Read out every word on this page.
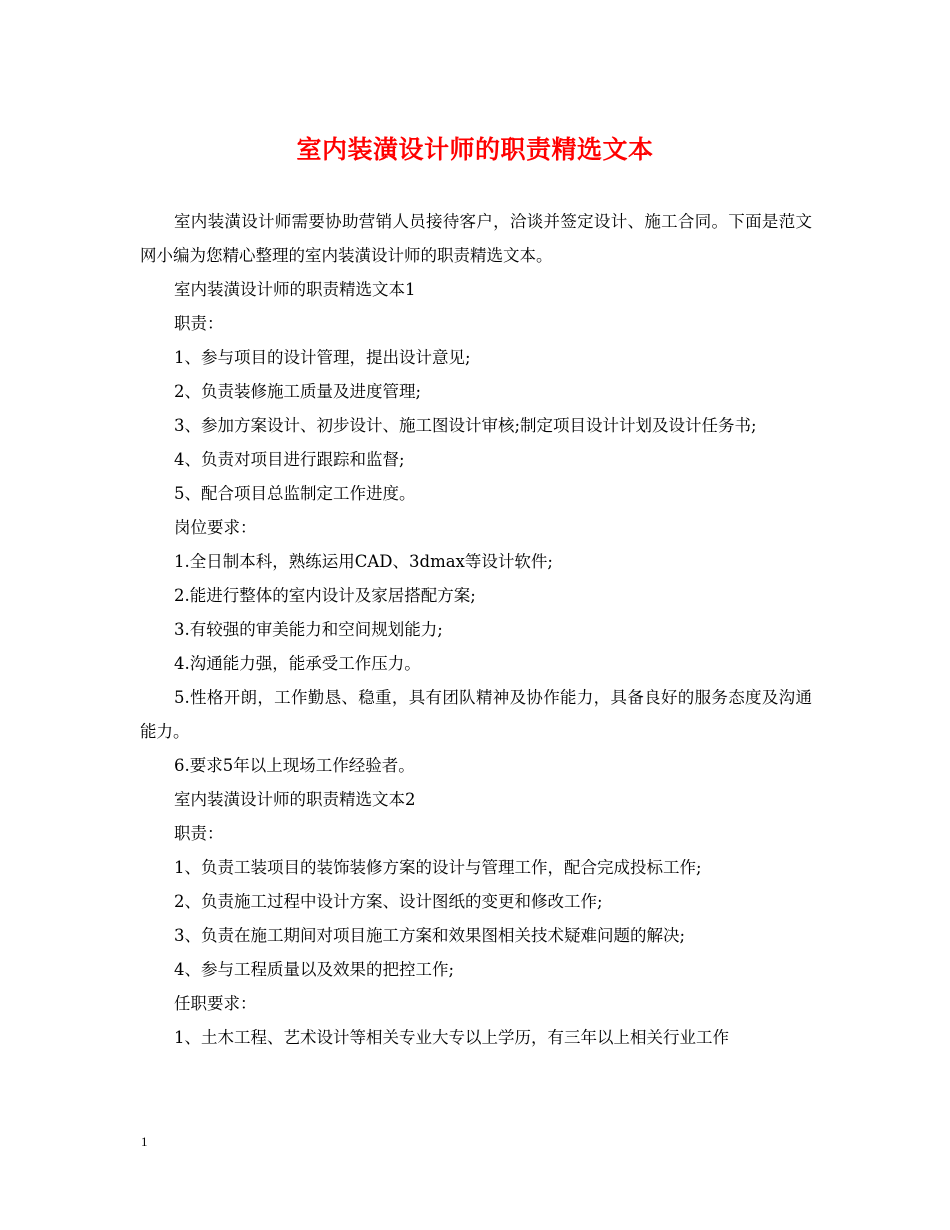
室内装潢设计师的职责精选文本

室内装潢设计师需要协助营销人员接待客户，洽谈并签定设计、施工合同。下面是范文网小编为您精心整理的室内装潢设计师的职责精选文本。

室内装潢设计师的职责精选文本1

职责：

1、参与项目的设计管理，提出设计意见;

2、负责装修施工质量及进度管理;

3、参加方案设计、初步设计、施工图设计审核;制定项目设计计划及设计任务书;

4、负责对项目进行跟踪和监督;

5、配合项目总监制定工作进度。

岗位要求：

1.全日制本科，熟练运用CAD、3dmax等设计软件;

2.能进行整体的室内设计及家居搭配方案;

3.有较强的审美能力和空间规划能力;

4.沟通能力强，能承受工作压力。

5.性格开朗，工作勤恳、稳重，具有团队精神及协作能力，具备良好的服务态度及沟通能力。

6.要求5年以上现场工作经验者。

室内装潢设计师的职责精选文本2

职责：

1、负责工装项目的装饰装修方案的设计与管理工作，配合完成投标工作;

2、负责施工过程中设计方案、设计图纸的变更和修改工作;

3、负责在施工期间对项目施工方案和效果图相关技术疑难问题的解决;

4、参与工程质量以及效果的把控工作;

任职要求：

1、土木工程、艺术设计等相关专业大专以上学历，有三年以上相关行业工作

1
